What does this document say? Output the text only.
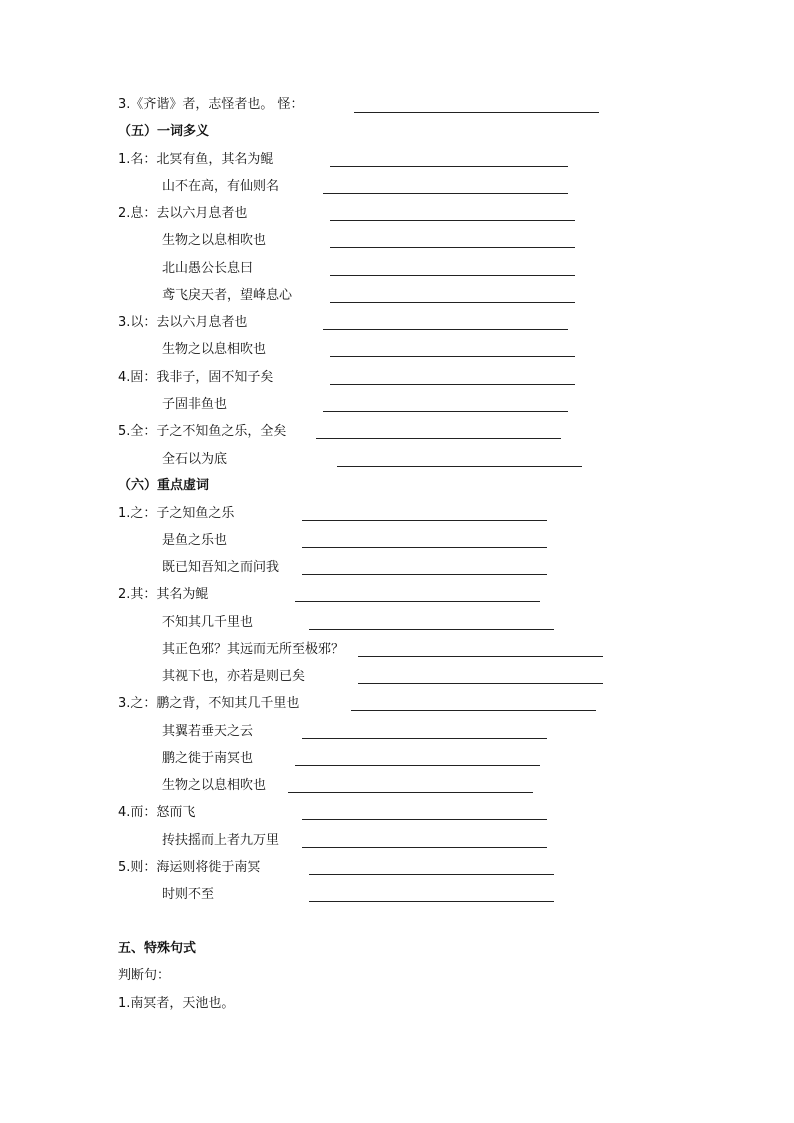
3.《齐谐》者，志怪者也。 怪：
（五）一词多义
1.名：北冥有鱼，其名为鲲
山不在高，有仙则名
2.息：去以六月息者也
生物之以息相吹也
北山愚公长息曰
鸢飞戾天者，望峰息心
3.以：去以六月息者也
生物之以息相吹也
4.固：我非子，固不知子矣
子固非鱼也
5.全：子之不知鱼之乐，全矣
全石以为底
（六）重点虚词
1.之：子之知鱼之乐
是鱼之乐也
既已知吾知之而问我
2.其：其名为鲲
不知其几千里也
其正色邪？其远而无所至极邪？
其视下也，亦若是则已矣
3.之：鹏之背，不知其几千里也
其翼若垂天之云
鹏之徙于南冥也
生物之以息相吹也
4.而：怒而飞
抟扶摇而上者九万里
5.则：海运则将徙于南冥
时则不至
五、特殊句式
判断句：
1.南冥者，天池也。
